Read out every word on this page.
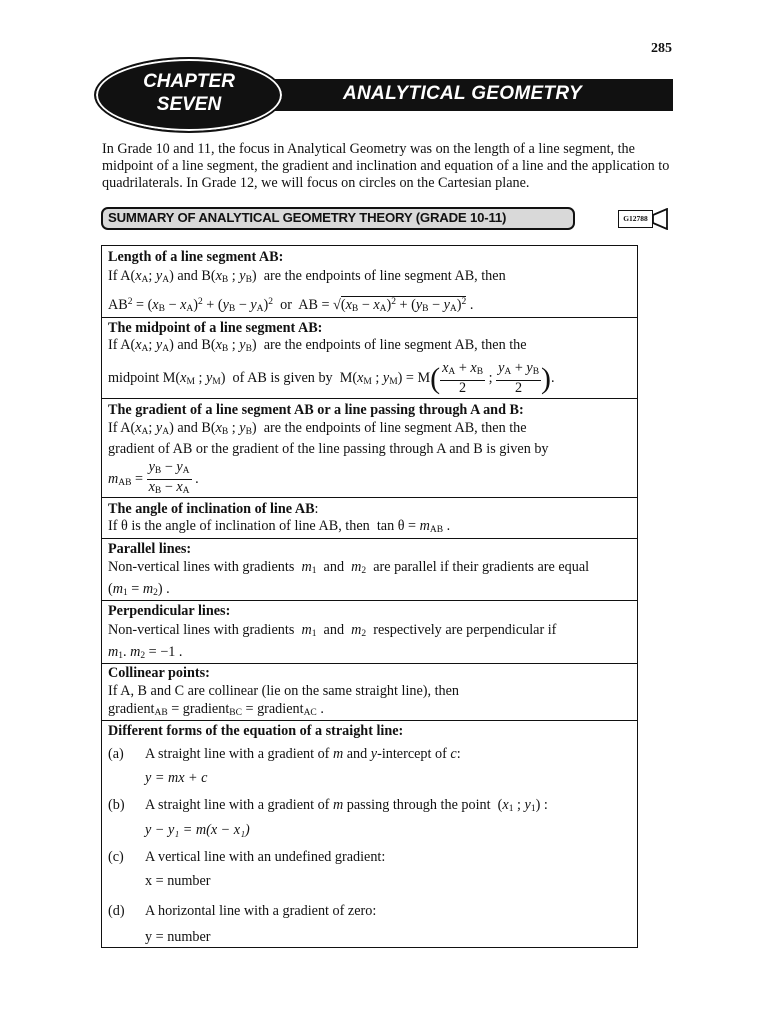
285
ANALYTICAL GEOMETRY
CHAPTER
SEVEN
In Grade 10 and 11, the focus in Analytical Geometry was on the length of a line segment, the midpoint of a line segment, the gradient and inclination and equation of a line and the application to quadrilaterals. In Grade 12, we will focus on circles on the Cartesian plane.
SUMMARY OF ANALYTICAL GEOMETRY THEORY (GRADE 10-11)	G12788
Length of a line segment AB:
If $A(x_A$; $y_A$) and $B(x_B$ ; $y_B$)  are the endpoints of line segment AB, then
$AB^2 = (x_B - x_A)^2 + (y_B - y_A)^2$  or  AB = $√(x_B - x_A)^2 + (y_B - y_A)^2$ .
The midpoint of a line segment AB:
If $A(x_A$; $y_A$) and $B(x_B$ ; $y_B$)  are the endpoints of line segment AB, then the
midpoint $M(x_M$ ; $y_M$)  of AB is given by  $M(x_M$ ; $y_M) = M( \frac{x_A + x_B}{2}$ ; $\frac{y_A + y_B}{2}$ ).
The gradient of a line segment AB or a line passing through A and B:
If $A(x_A$; $y_A$) and $B(x_B$ ; $y_B$)  are the endpoints of line segment AB, then the
gradient of AB or the gradient of the line passing through A and B is given by
$m_{AB} = \frac{y_B - y_A}{x_B - x_A}$ .
The angle of inclination of line AB:
If θ is the angle of inclination of line AB, then  $\tan \theta = m_{AB}$ .
Parallel lines:
Non-vertical lines with gradients $m_1$  and  $m_2$ are parallel if their gradients are equal
$(m_1 = m_2)$ .
Perpendicular lines:
Non-vertical lines with gradients $m_1$  and  $m_2$ respectively are perpendicular if
$m_1$. $m_2 = -1$ .
Collinear points:
If A, B and C are collinear (lie on the same straight line), then
gradient$_{AB}$ = gradient$_{BC}$ = gradient$_{AC}$ .
Different forms of the equation of a straight line:
(a) A straight line with a gradient of m and y-intercept of c:
y = mx + c
(b) A straight line with a gradient of m passing through the point  ($x_1$ ; $y_1$) :
y − y₁ = m(x − x₁)
(c) A vertical line with an undefined gradient:
x = number
(d) A horizontal line with a gradient of zero:
y = number
